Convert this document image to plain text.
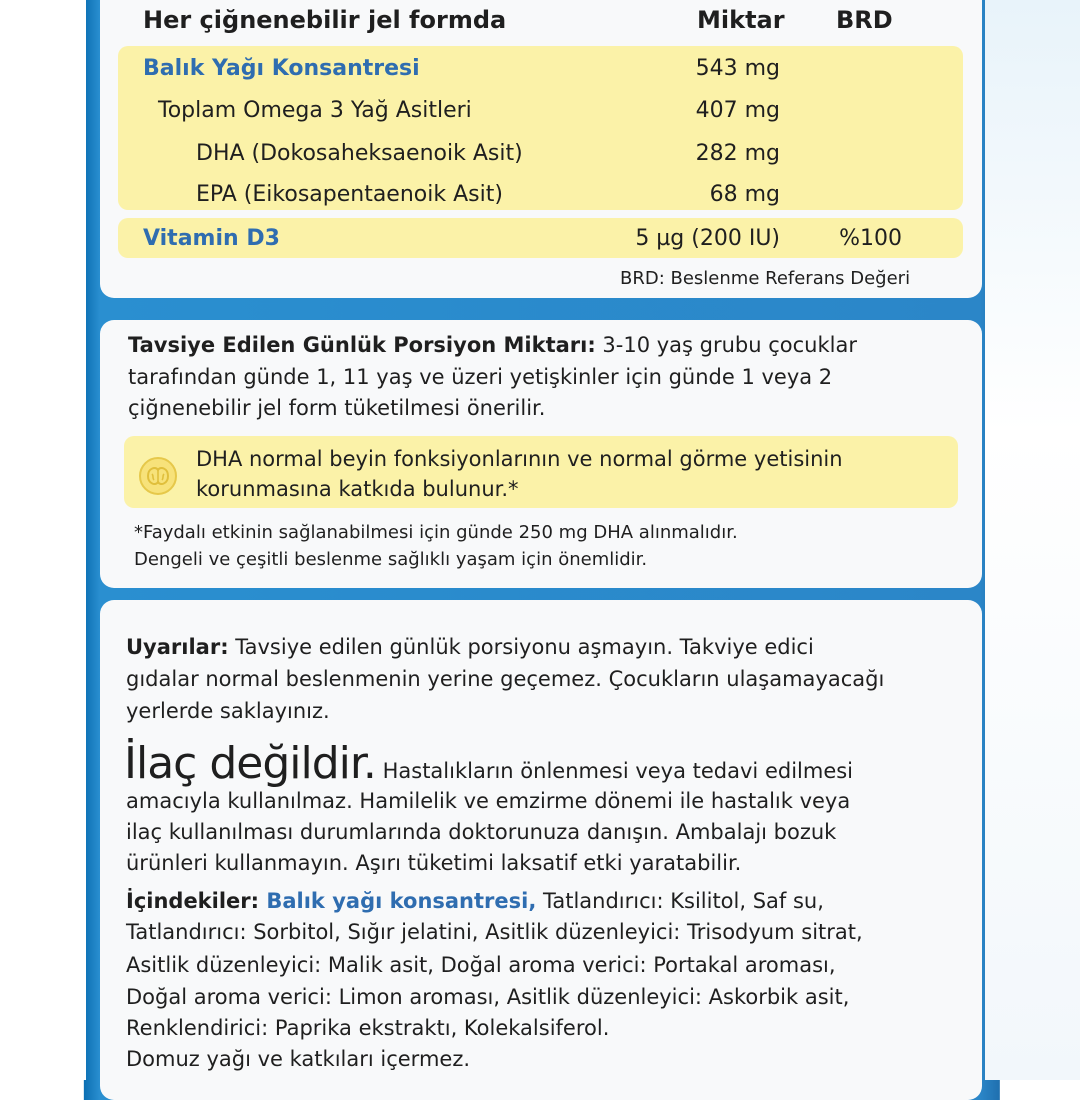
Her çiğnenebilir jel formda	Miktar BRD
Balık Yağı Konsantresi	543 mg
Toplam Omega 3 Yağ Asitleri	407 mg
DHA (Dokosaheksaenoik Asit)	282 mg
EPA (Eikosapentaenoik Asit)	68 mg
Vitamin D3	5 µg (200 IU)	%100
BRD: Beslenme Referans Değeri
Tavsiye Edilen Günlük Porsiyon Miktarı: 3-10 yaş grubu çocuklar
tarafından günde 1, 11 yaş ve üzeri yetişkinler için günde 1 veya 2
çiğnenebilir jel form tüketilmesi önerilir.
DHA normal beyin fonksiyonlarının ve normal görme yetisinin
korunmasına katkıda bulunur.*
*Faydalı etkinin sağlanabilmesi için günde 250 mg DHA alınmalıdır.
Dengeli ve çeşitli beslenme sağlıklı yaşam için önemlidir.
Uyarılar: Tavsiye edilen günlük porsiyonu aşmayın. Takviye edici
gıdalar normal beslenmenin yerine geçemez. Çocukların ulaşamayacağı
yerlerde saklayınız.
İlaç değildir. Hastalıkların önlenmesi veya tedavi edilmesi
amacıyla kullanılmaz. Hamilelik ve emzirme dönemi ile hastalık veya
ilaç kullanılması durumlarında doktorunuza danışın. Ambalajı bozuk
ürünleri kullanmayın. Aşırı tüketimi laksatif etki yaratabilir.
İçindekiler: Balık yağı konsantresi, Tatlandırıcı: Ksilitol, Saf su,
Tatlandırıcı: Sorbitol, Sığır jelatini, Asitlik düzenleyici: Trisodyum sitrat,
Asitlik düzenleyici: Malik asit, Doğal aroma verici: Portakal aroması,
Doğal aroma verici: Limon aroması, Asitlik düzenleyici: Askorbik asit,
Renklendirici: Paprika ekstraktı, Kolekalsiferol.
Domuz yağı ve katkıları içermez.
